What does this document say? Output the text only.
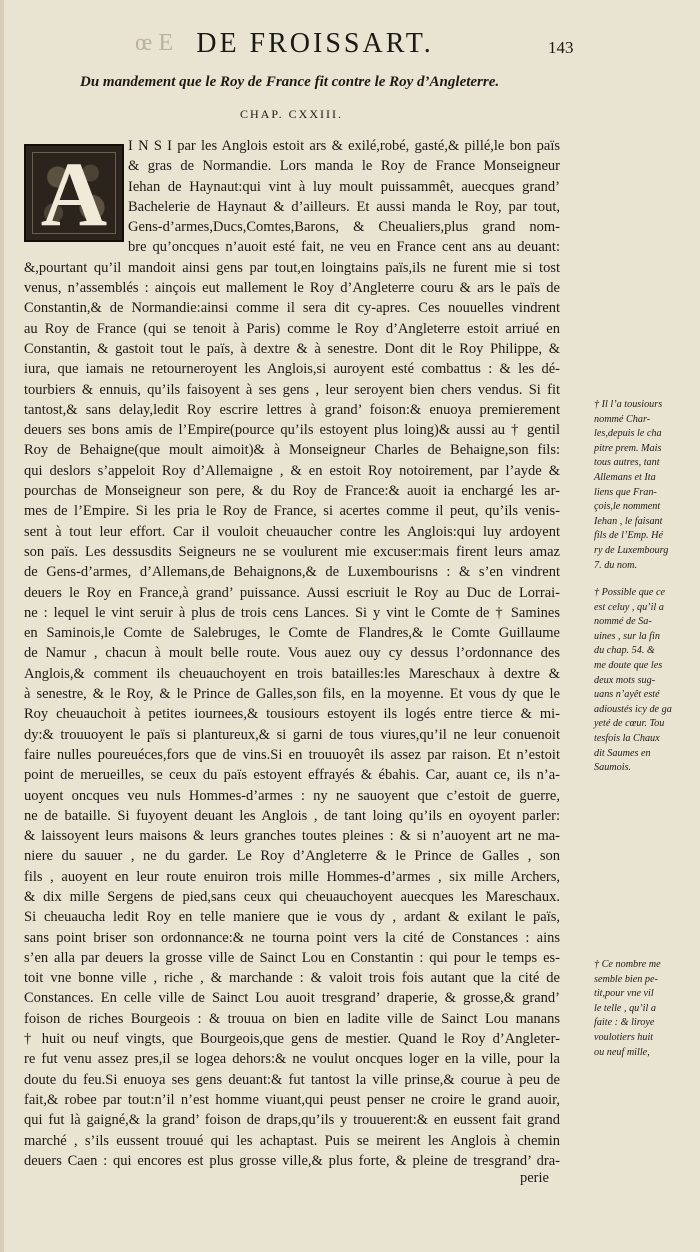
œ E DE FROISSART.	143
Du mandement que le Roy de France fit contre le Roy d’Angleterre.
CHAP. CXXIII.
A	I N S I par les Anglois estoit ars & exilé,robé, gasté,& pillé,le bon païs
& gras de Normandie. Lors manda le Roy de France Monseigneur
Iehan de Haynaut:qui vint à luy moult puissammêt, auecques grand’
Bachelerie de Haynaut & d’ailleurs. Et aussi manda le Roy, par tout,
Gens-d’armes,Ducs,Comtes,Barons, & Cheualiers,plus grand nom-
bre qu’oncques n’auoit esté fait, ne veu en France cent ans au deuant:
&,pourtant qu’il mandoit ainsi gens par tout,en loingtains païs,ils ne furent mie si tost
venus, n’assemblés : ainçois eut mallement le Roy d’Angleterre couru & ars le païs de
Constantin,& de Normandie:ainsi comme il sera dit cy-apres. Ces nouuelles vindrent
au Roy de France (qui se tenoit à Paris) comme le Roy d’Angleterre estoit arriué en
Constantin, & gastoit tout le païs, à dextre & à senestre. Dont dit le Roy Philippe, &
iura, que iamais ne retourneroyent les Anglois,si auroyent esté combattus : & les dé-
tourbiers & ennuis, qu’ils faisoyent à ses gens , leur seroyent bien chers vendus. Si fit
tantost,& sans delay,ledit Roy escrire lettres à grand’ foison:& enuoya premierement
deuers ses bons amis de l’Empire(pource qu’ils estoyent plus loing)& aussi au † gentil
Roy de Behaigne(que moult aimoit)& à Monseigneur Charles de Behaigne,son fils:
qui deslors s’appeloit Roy d’Allemaigne , & en estoit Roy notoirement, par l’ayde &
pourchas de Monseigneur son pere, & du Roy de France:& auoit ia enchargé les ar-
mes de l’Empire. Si les pria le Roy de France, si acertes comme il peut, qu’ils venis-
sent à tout leur effort. Car il vouloit cheuaucher contre les Anglois:qui luy ardoyent
son païs. Les dessusdits Seigneurs ne se voulurent mie excuser:mais firent leurs amaz
de Gens-d’armes, d’Allemans,de Behaignons,& de Luxembourisns : & s’en vindrent
deuers le Roy en France,à grand’ puissance. Aussi escriuit le Roy au Duc de Lorrai-
ne : lequel le vint seruir à plus de trois cens Lances. Si y vint le Comte de † Samines
en Saminois,le Comte de Salebruges, le Comte de Flandres,& le Comte Guillaume
de Namur , chacun à moult belle route. Vous auez ouy cy dessus l’ordonnance des
Anglois,& comment ils cheuauchoyent en trois batailles:les Mareschaux à dextre &
à senestre, & le Roy, & le Prince de Galles,son fils, en la moyenne. Et vous dy que le
Roy cheuauchoit à petites iournees,& tousiours estoyent ils logés entre tierce & mi-
dy:& trouuoyent le païs si plantureux,& si garni de tous viures,qu’il ne leur conuenoit
faire nulles poureuéces,fors que de vins.Si en trouuoyêt ils assez par raison. Et n’estoit
point de merueilles, se ceux du païs estoyent effrayés & ébahis. Car, auant ce, ils n’a-
uoyent oncques veu nuls Hommes-d’armes : ny ne sauoyent que c’estoit de guerre,
ne de bataille. Si fuyoyent deuant les Anglois , de tant loing qu’ils en oyoyent parler:
& laissoyent leurs maisons & leurs granches toutes pleines : & si n’auoyent art ne ma-
niere du sauuer , ne du garder. Le Roy d’Angleterre & le Prince de Galles , son
fils , auoyent en leur route enuiron trois mille Hommes-d’armes , six mille Archers,
& dix mille Sergens de pied,sans ceux qui cheuauchoyent auecques les Mareschaux.
Si cheuaucha ledit Roy en telle maniere que ie vous dy , ardant & exilant le païs,
sans point briser son ordonnance:& ne tourna point vers la cité de Constances : ains
s’en alla par deuers la grosse ville de Sainct Lou en Constantin : qui pour le temps es-
toit vne bonne ville , riche , & marchande : & valoit trois fois autant que la cité de
Constances. En celle ville de Sainct Lou auoit tresgrand’ draperie, & grosse,& grand’
foison de riches Bourgeois : & trouua on bien en ladite ville de Sainct Lou manans
† huit ou neuf vingts, que Bourgeois,que gens de mestier. Quand le Roy d’Angleter-
re fut venu assez pres,il se logea dehors:& ne voulut oncques loger en la ville, pour la
doute du feu.Si enuoya ses gens deuant:& fut tantost la ville prinse,& courue à peu de
fait,& robee par tout:n’il n’est homme viuant,qui peust penser ne croire le grand auoir,
qui fut là gaigné,& la grand’ foison de draps,qu’ils y trouuerent:& en eussent fait grand
marché , s’ils eussent trouué qui les achaptast. Puis se meirent les Anglois à chemin
deuers Caen : qui encores est plus grosse ville,& plus forte, & pleine de tresgrand’ dra-
† Il l’a tousiours
nommé Char-
les,depuis le cha
pitre prem. Mais
tous autres, tant
Allemans et Ita
liens que Fran-
çois,le nomment
Iehan , le faisant
fils de l’Emp. Hé
ry de Luxembourg
7. du nom.
† Possible que ce
est celuy , qu’il a
nommé de Sa-
uines , sur la fin
du chap. 54. &
me doute que les
deux mots sug-
uans n’ayêt esté
adioustés icy de ga
yeté de cœur. Tou
tesfois la Chaux
dit Saumes en
Saumois.
† Ce nombre me
semble bien pe-
tit,pour vne vil
le telle , qu’il a
faite : & liroye
voulotiers huit
ou neuf mille,
perie
